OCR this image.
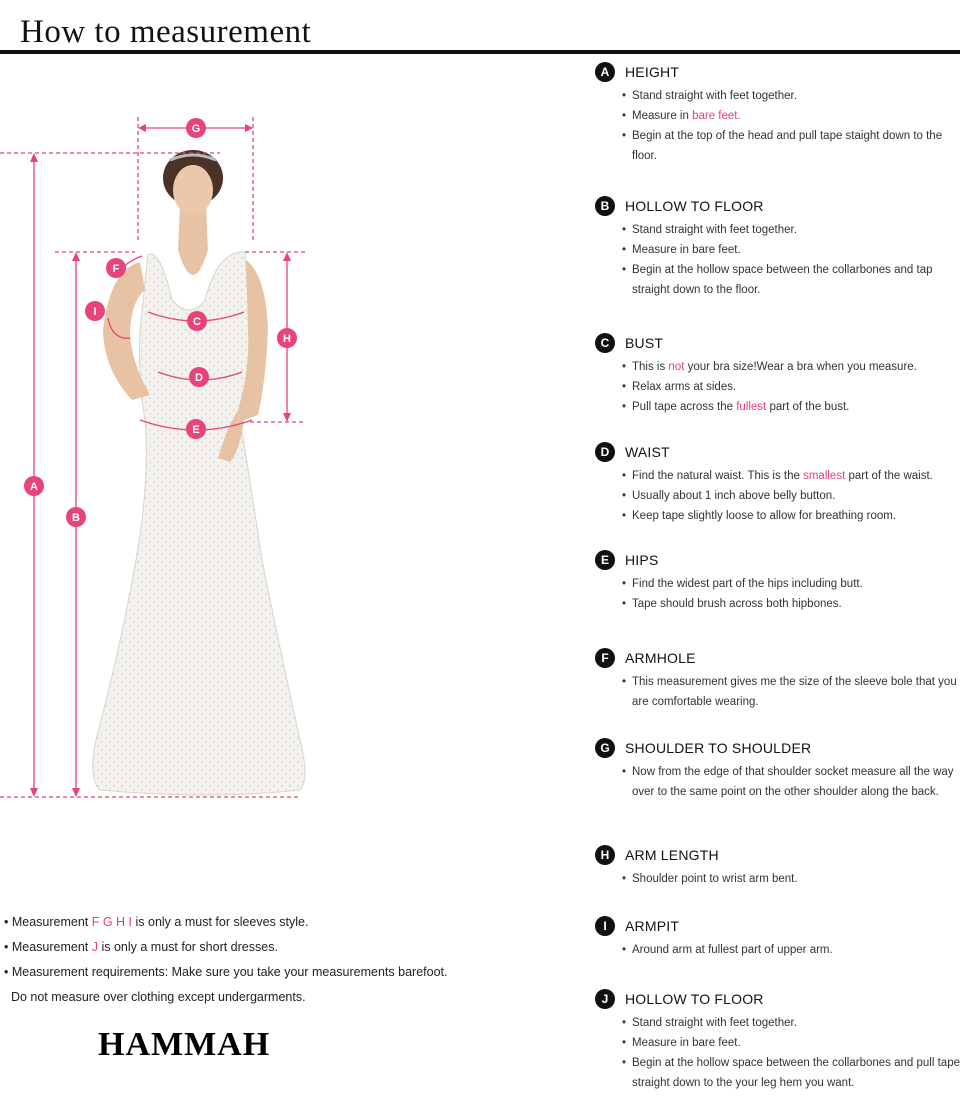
How to measurement
G
F
I
C
H
D
E
A
B
A	HEIGHT
• Stand straight with feet together.
• Measure in bare feet.
• Begin at the top of the head and pull tape staight down to the floor.
B	HOLLOW TO FLOOR
• Stand straight with feet together.
• Measure in bare feet.
• Begin at the hollow space between the collarbones and tap straight down to the floor.
C	BUST
• This is not your bra size!Wear a bra when you measure.
• Relax arms at sides.
• Pull tape across the fullest part of the bust.
D	WAIST
• Find the natural waist. This is the smallest part of the waist.
• Usually about 1 inch above belly button.
• Keep tape slightly loose to allow for breathing room.
E	HIPS
• Find the widest part of the hips including butt.
• Tape should brush across both hipbones.
F	ARMHOLE
• This measurement gives me the size of the sleeve bole that you are comfortable wearing.
G	SHOULDER TO SHOULDER
• Now from the edge of that shoulder socket measure all the way over to the same point on the other shoulder along the back.
H	ARM LENGTH
• Shoulder point to wrist arm bent.
I	ARMPIT
• Around arm at fullest part of upper arm.
J	HOLLOW TO FLOOR
• Stand straight with feet together.
• Measure in bare feet.
• Begin at the hollow space between the collarbones and pull tape straight down to the your leg hem you want.

• Measurement F G H I is only a must for sleeves style.

• Measurement J is only a must for short dresses.

• Measurement requirements: Make sure you take your measurements barefoot.

Do not measure over clothing except undergarments.

HAMMAH
